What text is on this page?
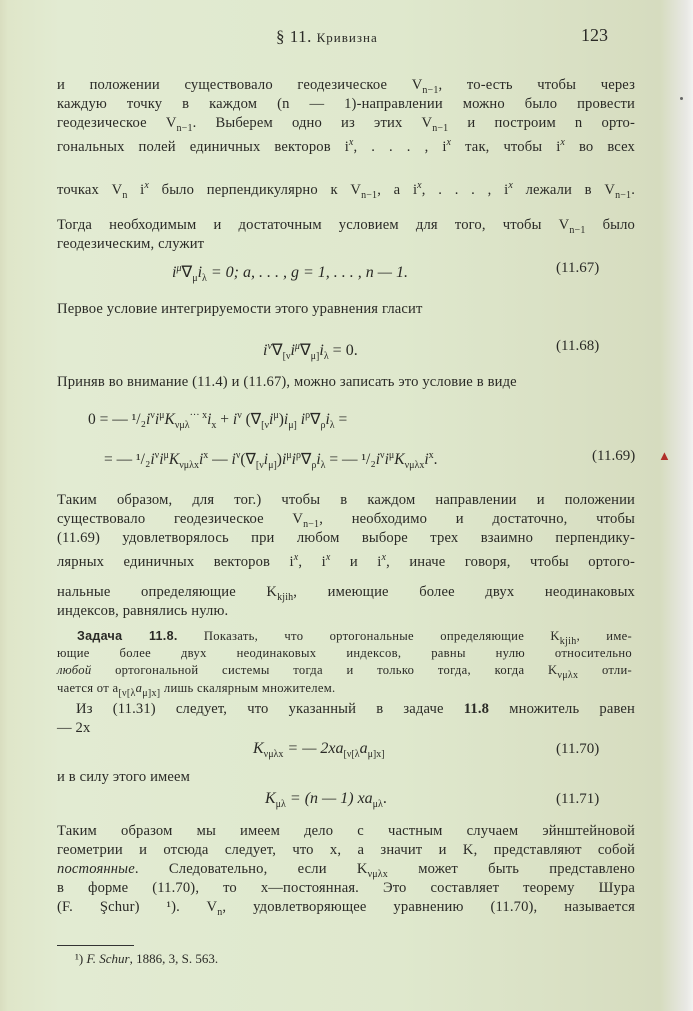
§ 11. Кривизна	123
и положении существовало геодезическое $V_{n-1}$, то-есть чтобы через
каждую точку в каждом (n — 1)-направлении можно было провести
геодезическое $V_{n-1}$. Выберем одно из этих $V_{n-1}$ и построим n орто-
гональных полей единичных векторов $i^x$, . . . , $i^x$ так, чтобы $i^x$ во всех
точках $V_n$ $i^x$ было перпендикулярно к $V_{n-1}$, а $i^x$, . . . , $i^x$ лежали в $V_{n-1}$.
Тогда необходимым и достаточным условием для того, чтобы $V_{n-1}$ было
геодезическим, служит
$i^\mu\nabla_\mu i_\lambda = 0$; a, . . . , g = 1, . . . , n — 1.	(11.67)
Первое условие интегрируемости этого уравнения гласит
$i^\nu\nabla_{[\nu}i^\mu\nabla_{\mu]}i_\lambda = 0$.	(11.68)
Приняв во внимание (11.4) и (11.67), можно записать это условие в виде
0 = — $^1/_2i^\nu i^\mu K_{\nu\mu\lambda}^{\cdot\cdot\cdot x}i_x + i^\nu$ $(\nabla_{[\nu}i^\mu)i_{\mu]}$ $i^\rho\nabla_\rho i_\lambda$ =
= — $^1/_2i^\nu i^\mu K_{\nu\mu\lambda x}i^x$ — $i^\nu(\nabla_{[\nu}i_{\mu]})i^\mu i^\rho\nabla_\rho i_\lambda$ = — $^1/_2i^\nu i^\mu K_{\nu\mu\lambda x}i^x$.	(11.69) ▲
Таким образом, для тог.) чтобы в каждом направлении и положении
существовало геодезическое $V_{n-1}$, необходимо и достаточно, чтобы
(11.69) удовлетворялось при любом выборе трех взаимно перпендику-
лярных единичных векторов $i^x$, $i^x$ и $i^x$, иначе говоря, чтобы ортого-
нальные определяющие $K_{kjih}$, имеющие более двух неодинаковых
индексов, равнялись нулю.
Задача 11.8. Показать, что ортогональные определяющие $K_{kjih}$, име-
ющие более двух неодинаковых индексов, равны нулю относительно
любой ортогональной системы тогда и только тогда, когда $K_{\nu\mu\lambda x}$ отли-
чается от $a_{[\nu[\lambda}a_{\mu]x]}$ лишь скалярным множителем.
Из (11.31) следует, что указанный в задаче 11.8 множитель равен
— 2x
$K_{\nu\mu\lambda x}$ = — $2xa_{[\nu[\lambda}a_{\mu]x]}$	(11.70)
и в силу этого имеем
$K_{\mu\lambda} = (n$ — 1) $xa_{\mu\lambda}$.	(11.71)
Таким образом мы имеем дело с частным случаем эйнштейновой
геометрии и отсюда следует, что x, а значит и K, представляют собой
постоянные. Следовательно, если $K_{\nu\mu\lambda x}$ может быть представлено
в форме (11.70), то x—постоянная. Это составляет теорему Шура
(F. Şchur) ¹). $V_n$, удовлетворяющее уравнению (11.70), называется
¹) F. Schur, 1886, 3, S. 563.
